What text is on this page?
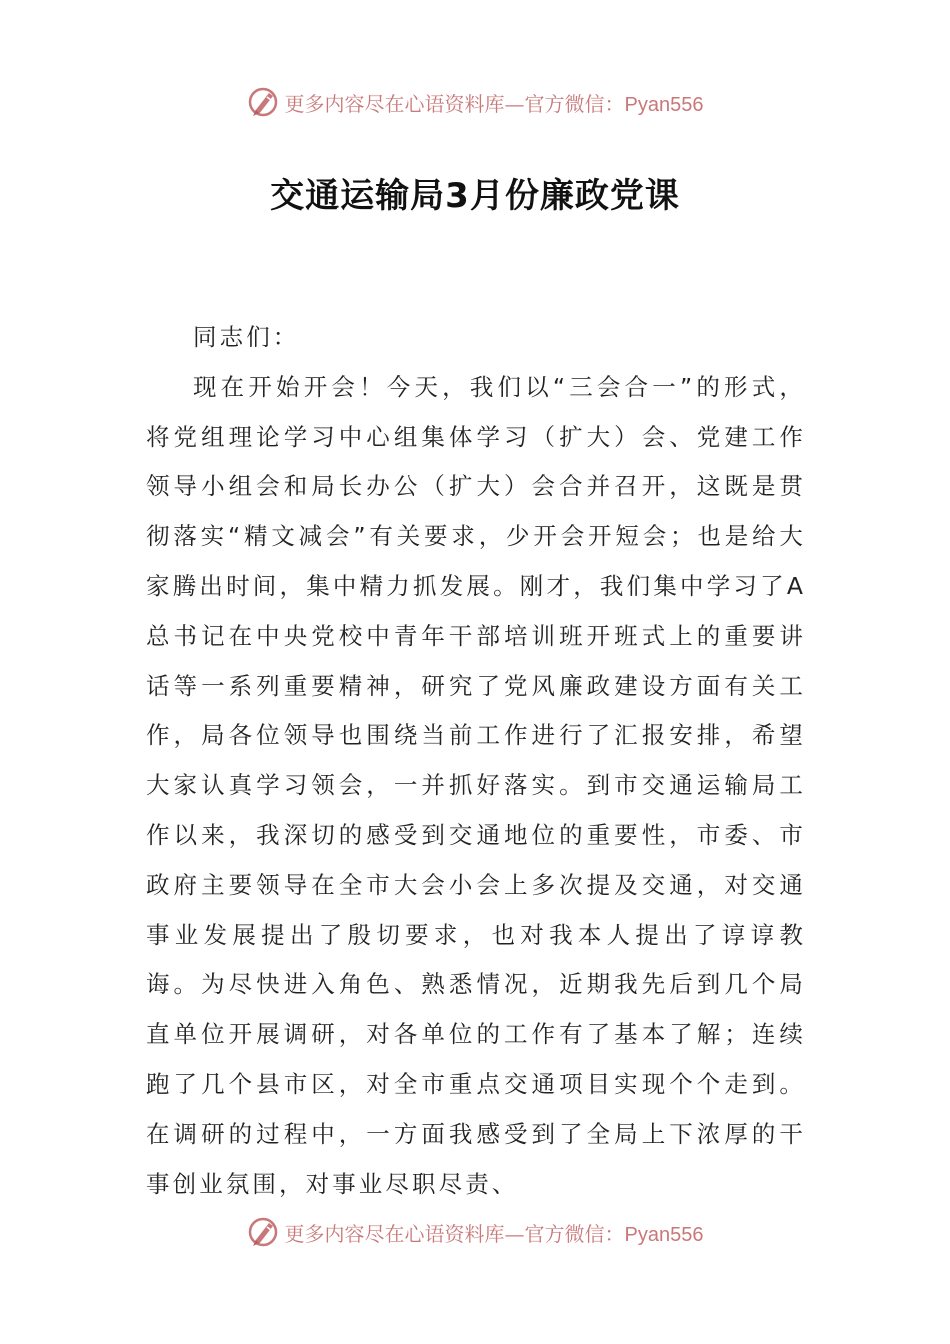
更多内容尽在心语资料库—官方微信：Pyan556
交通运输局3月份廉政党课

同志们：

现在开始开会！今天，我们以“三会合一”的形式，将党组理论学习中心组集体学习（扩大）会、党建工作领导小组会和局长办公（扩大）会合并召开，这既是贯彻落实“精文减会”有关要求，少开会开短会；也是给大家腾出时间，集中精力抓发展。刚才，我们集中学习了A总书记在中央党校中青年干部培训班开班式上的重要讲话等一系列重要精神，研究了党风廉政建设方面有关工作，局各位领导也围绕当前工作进行了汇报安排，希望大家认真学习领会，一并抓好落实。到市交通运输局工作以来，我深切的感受到交通地位的重要性，市委、市政府主要领导在全市大会小会上多次提及交通，对交通事业发展提出了殷切要求，也对我本人提出了谆谆教诲。为尽快进入角色、熟悉情况，近期我先后到几个局直单位开展调研，对各单位的工作有了基本了解；连续跑了几个县市区，对全市重点交通项目实现个个走到。在调研的过程中，一方面我感受到了全局上下浓厚的干事创业氛围，对事业尽职尽责、

更多内容尽在心语资料库—官方微信：Pyan556
